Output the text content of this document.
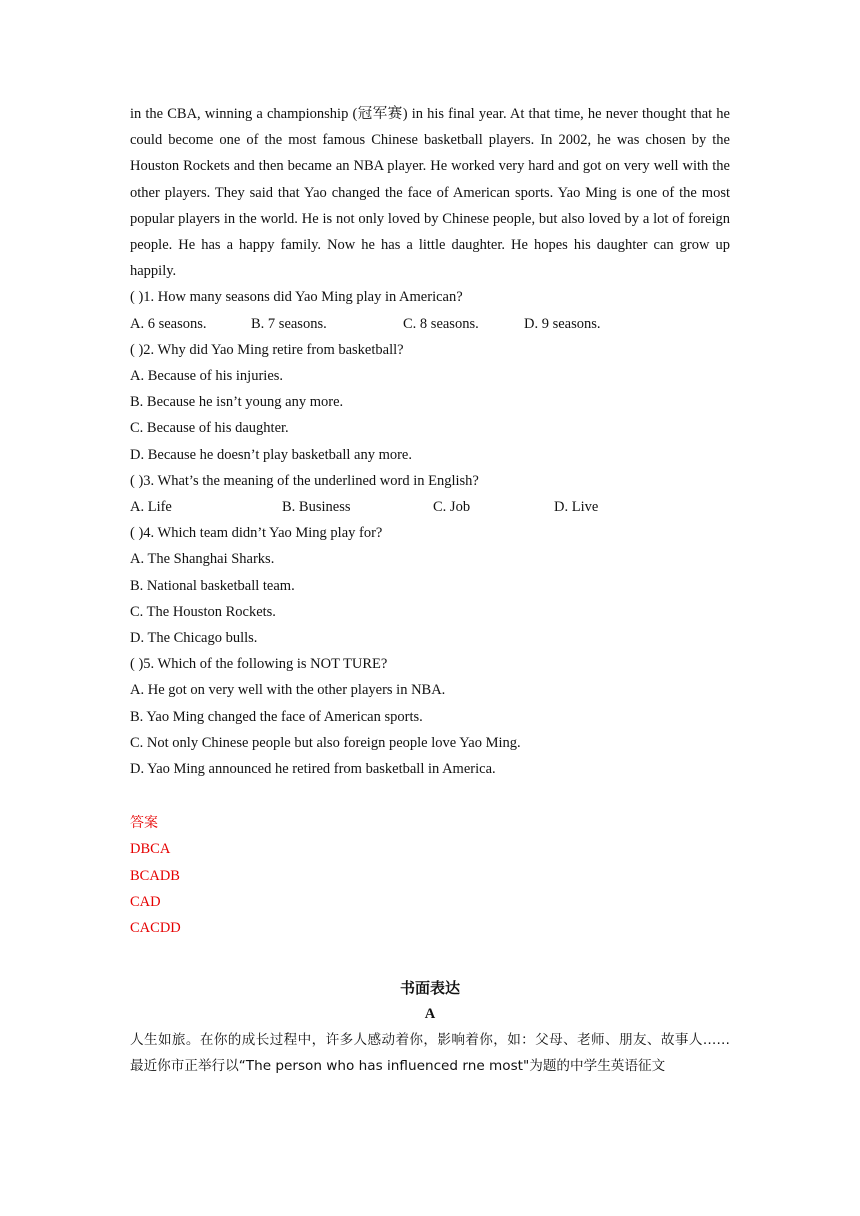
in the CBA, winning a championship (冠军赛) in his final year. At that time, he never thought that he could become one of the most famous Chinese basketball players. In 2002, he was chosen by the Houston Rockets and then became an NBA player. He worked very hard and got on very well with the other players. They said that Yao changed the face of American sports. Yao Ming is one of the most popular players in the world. He is not only loved by Chinese people, but also loved by a lot of foreign people. He has a happy family. Now he has a little daughter. He hopes his daughter can grow up happily.

( )1. How many seasons did Yao Ming play in American?
A. 6 seasons.	B. 7 seasons.	C. 8 seasons.	D. 9 seasons.
( )2. Why did Yao Ming retire from basketball?
A. Because of his injuries.
B. Because he isn’t young any more.
C. Because of his daughter.
D. Because he doesn’t play basketball any more.
( )3. What’s the meaning of the underlined word in English?
A. Life	B. Business	C. Job	D. Live
( )4. Which team didn’t Yao Ming play for?
A. The Shanghai Sharks.
B. National basketball team.
C. The Houston Rockets.
D. The Chicago bulls.
( )5. Which of the following is NOT TURE?
A. He got on very well with the other players in NBA.
B. Yao Ming changed the face of American sports.
C. Not only Chinese people but also foreign people love Yao Ming.
D. Yao Ming announced he retired from basketball in America.
答案
DBCA
BCADB
CAD
CACDD
书面表达
A

人生如旅。在你的成长过程中，许多人感动着你，影响着你，如：父母、老师、朋友、故事人…… 最近你市正举行以“The person who has influenced rne most"为题的中学生英语征文
